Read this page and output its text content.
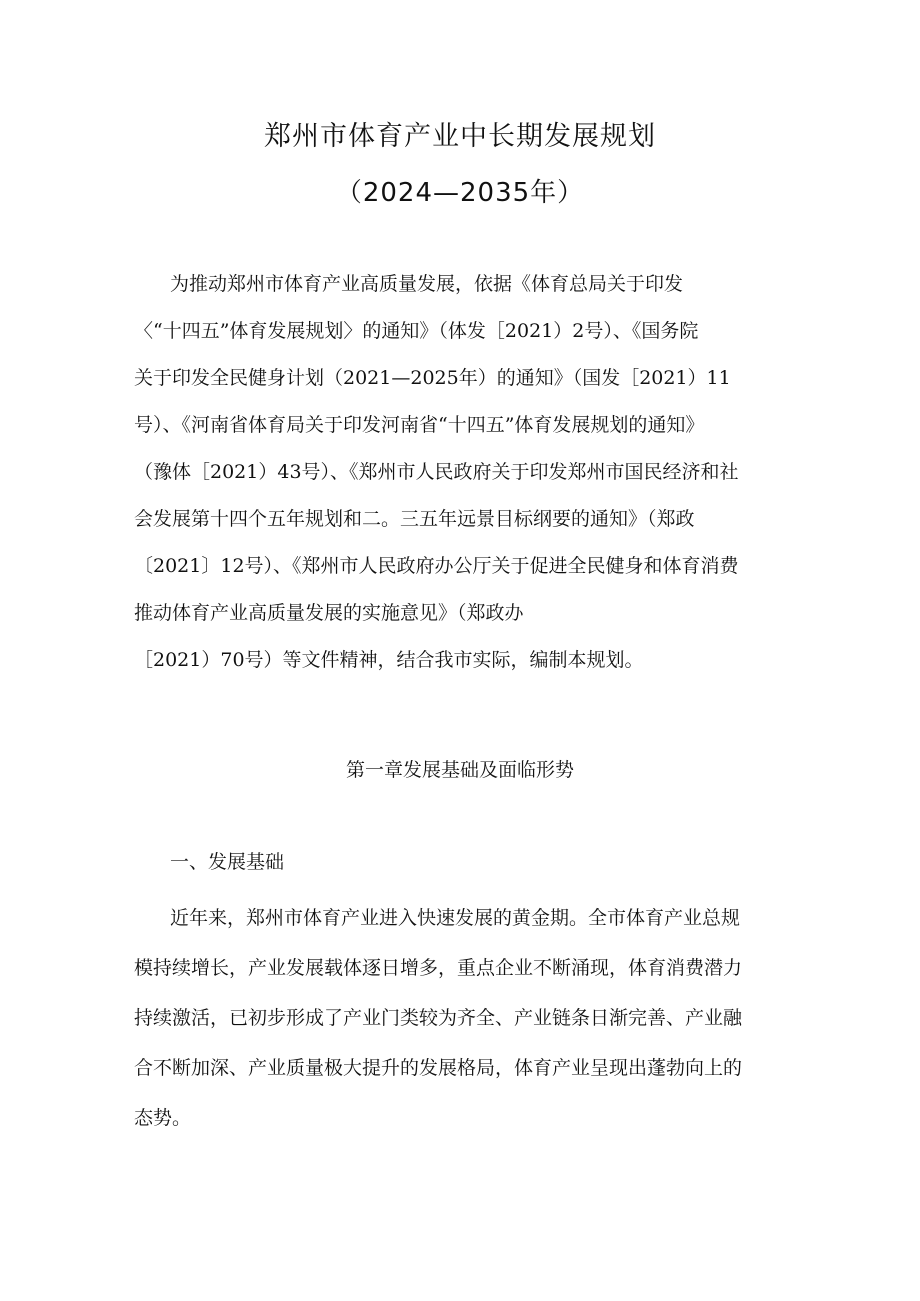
郑州市体育产业中长期发展规划
（2024—2035年）

为推动郑州市体育产业高质量发展，依据《体育总局关于印发
〈“十四五”体育发展规划〉的通知》（体发［2021）2号）、《国务院
关于印发全民健身计划（2021—2025年）的通知》（国发［2021）11
号）、《河南省体育局关于印发河南省“十四五”体育发展规划的通知》
（豫体［2021）43号）、《郑州市人民政府关于印发郑州市国民经济和社
会发展第十四个五年规划和二。三五年远景目标纲要的通知》（郑政
〔2021〕12号）、《郑州市人民政府办公厅关于促进全民健身和体育消费
推动体育产业高质量发展的实施意见》（郑政办
［2021）70号）等文件精神，结合我市实际，编制本规划。

第一章发展基础及面临形势
一、发展基础

近年来，郑州市体育产业进入快速发展的黄金期。全市体育产业总规
模持续增长，产业发展载体逐日增多，重点企业不断涌现，体育消费潜力
持续激活，已初步形成了产业门类较为齐全、产业链条日渐完善、产业融
合不断加深、产业质量极大提升的发展格局，体育产业呈现出蓬勃向上的
态势。
